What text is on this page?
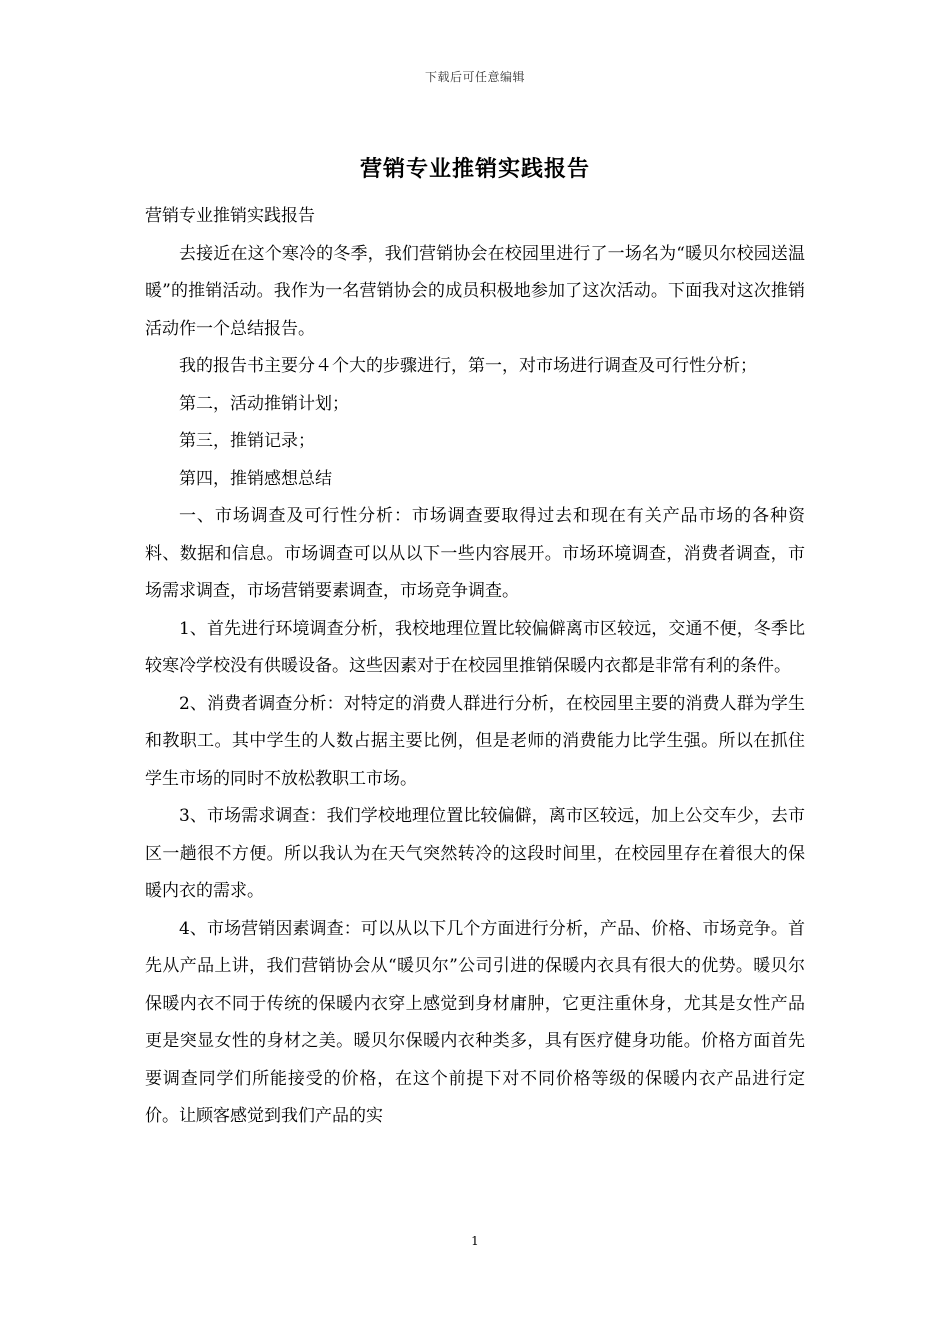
下载后可任意编辑
营销专业推销实践报告

营销专业推销实践报告

去接近在这个寒冷的冬季，我们营销协会在校园里进行了一场名为“暖贝尔校园送温暖”的推销活动。我作为一名营销协会的成员积极地参加了这次活动。下面我对这次推销活动作一个总结报告。

我的报告书主要分４个大的步骤进行，第一，对市场进行调查及可行性分析；

第二，活动推销计划；

第三，推销记录；

第四，推销感想总结

一、市场调查及可行性分析：市场调查要取得过去和现在有关产品市场的各种资料、数据和信息。市场调查可以从以下一些内容展开。市场环境调查，消费者调查，市场需求调查，市场营销要素调查，市场竞争调查。

1、首先进行环境调查分析，我校地理位置比较偏僻离市区较远，交通不便，冬季比较寒冷学校没有供暖设备。这些因素对于在校园里推销保暖内衣都是非常有利的条件。

2、消费者调查分析：对特定的消费人群进行分析，在校园里主要的消费人群为学生和教职工。其中学生的人数占据主要比例，但是老师的消费能力比学生强。所以在抓住学生市场的同时不放松教职工市场。

3、市场需求调查：我们学校地理位置比较偏僻，离市区较远，加上公交车少，去市区一趟很不方便。所以我认为在天气突然转冷的这段时间里，在校园里存在着很大的保暖内衣的需求。

4、市场营销因素调查：可以从以下几个方面进行分析，产品、价格、市场竞争。首先从产品上讲，我们营销协会从“暖贝尔”公司引进的保暖内衣具有很大的优势。暖贝尔保暖内衣不同于传统的保暖内衣穿上感觉到身材庸肿，它更注重休身，尤其是女性产品更是突显女性的身材之美。暖贝尔保暖内衣种类多，具有医疗健身功能。价格方面首先要调查同学们所能接受的价格，在这个前提下对不同价格等级的保暖内衣产品进行定价。让顾客感觉到我们产品的实

1
